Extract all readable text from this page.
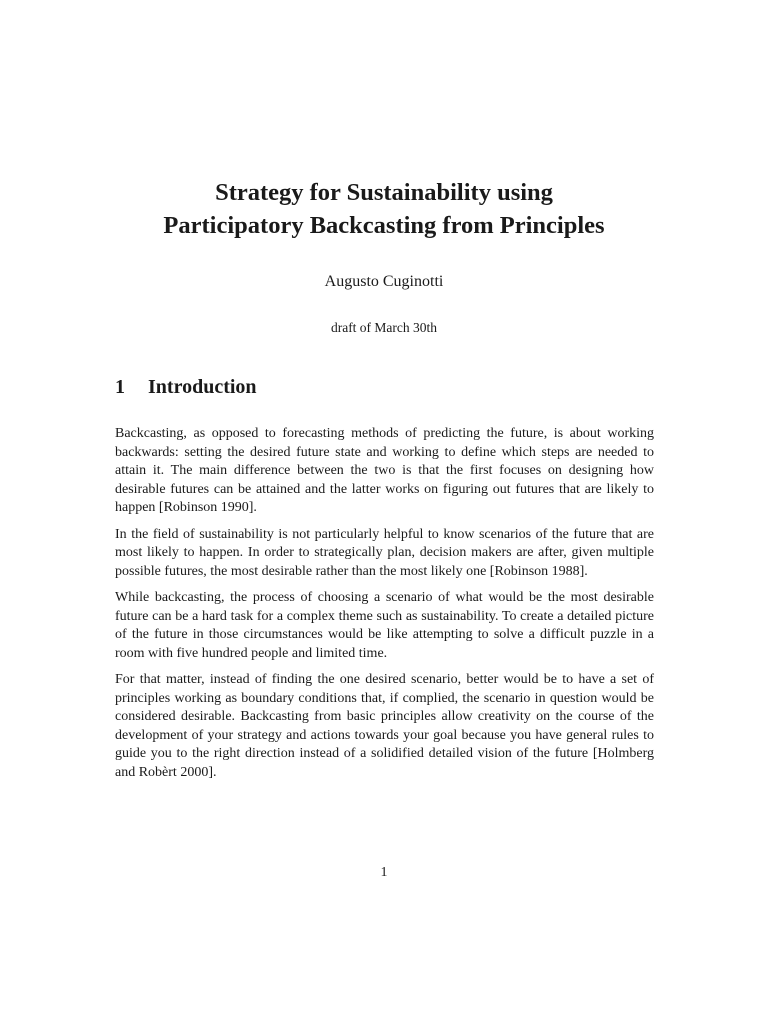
Strategy for Sustainability using
Participatory Backcasting from Principles
Augusto Cuginotti
draft of March 30th
1 Introduction

Backcasting, as opposed to forecasting methods of predicting the future, is about working backwards: setting the desired future state and working to define which steps are needed to attain it. The main difference between the two is that the first focuses on designing how desirable futures can be attained and the latter works on figuring out futures that are likely to happen [Robinson 1990].

In the field of sustainability is not particularly helpful to know scenarios of the future that are most likely to happen. In order to strategically plan, decision makers are after, given multiple possible futures, the most desirable rather than the most likely one [Robinson 1988].

While backcasting, the process of choosing a scenario of what would be the most desirable future can be a hard task for a complex theme such as sustainability. To create a detailed picture of the future in those circumstances would be like attempting to solve a difficult puzzle in a room with five hundred people and limited time.

For that matter, instead of finding the one desired scenario, better would be to have a set of principles working as boundary conditions that, if complied, the scenario in question would be considered desirable. Backcasting from basic principles allow creativity on the course of the development of your strategy and actions towards your goal because you have general rules to guide you to the right direction instead of a solidified detailed vision of the future [Holmberg and Robèrt 2000].

1
